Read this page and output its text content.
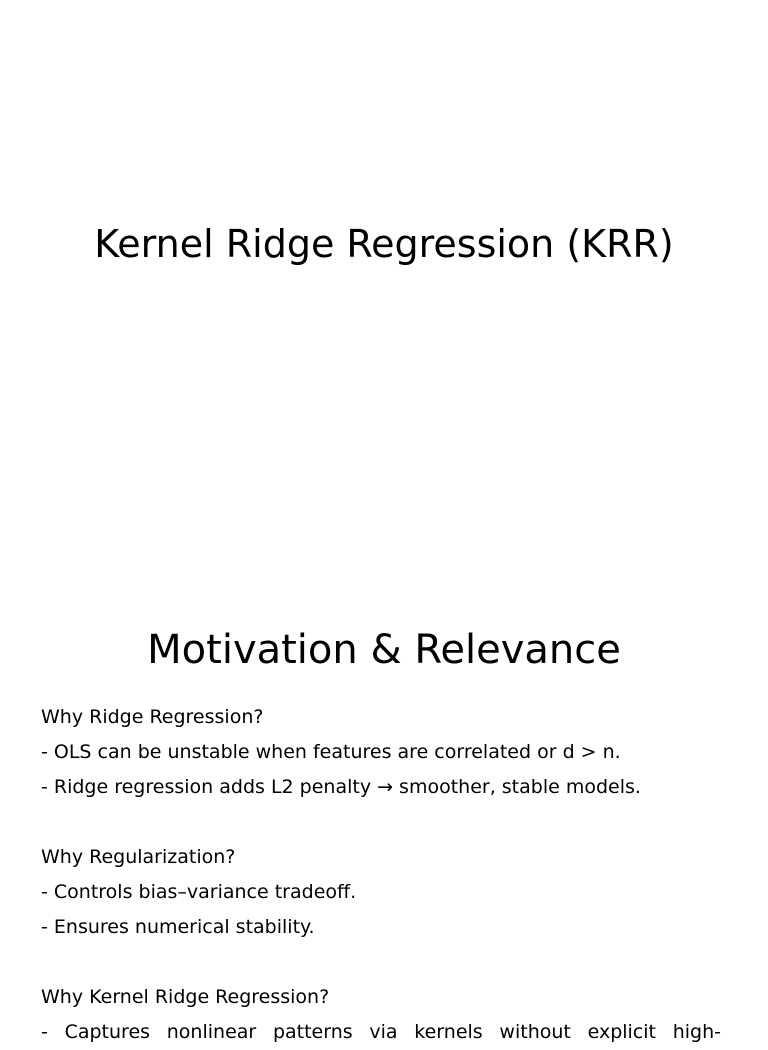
Kernel Ridge Regression (KRR)
Motivation & Relevance
Why Ridge Regression?
- OLS can be unstable when features are correlated or d > n.
- Ridge regression adds L2 penalty → smoother, stable models.
Why Regularization?
- Controls bias–variance tradeoff.
- Ensures numerical stability.
Why Kernel Ridge Regression?
- Captures nonlinear patterns via kernels without explicit high-
